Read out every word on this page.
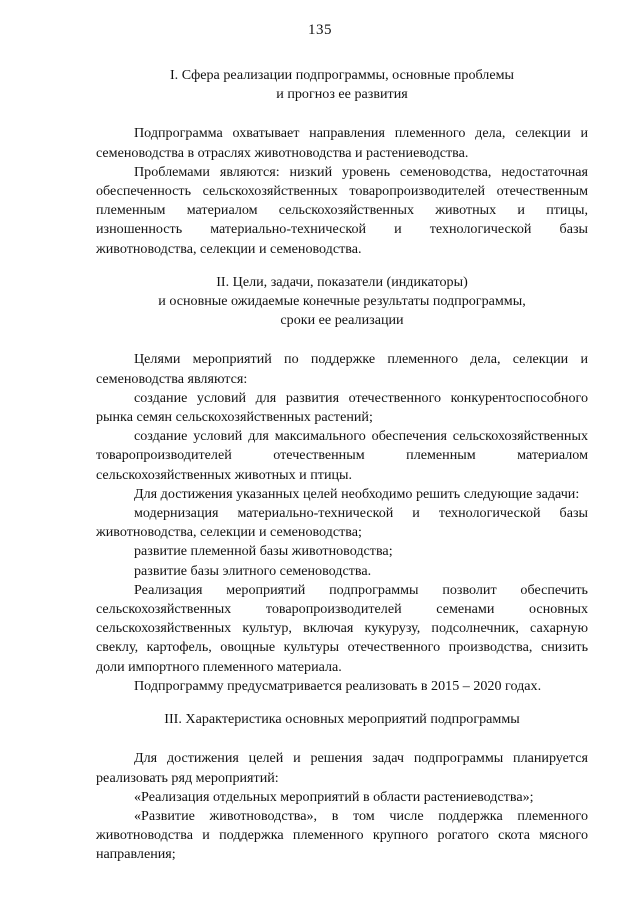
135
I. Сфера реализации подпрограммы, основные проблемы
и прогноз ее развития

Подпрограмма охватывает направления племенного дела, селекции и семеноводства в отраслях животноводства и растениеводства.

Проблемами являются: низкий уровень семеноводства, недостаточная обеспеченность сельскохозяйственных товаропроизводителей отечественным племенным материалом сельскохозяйственных животных и птицы, изношенность материально-технической и технологической базы животноводства, селекции и семеноводства.

II. Цели, задачи, показатели (индикаторы)
и основные ожидаемые конечные результаты подпрограммы,
сроки ее реализации

Целями мероприятий по поддержке племенного дела, селекции и семеноводства являются:

создание условий для развития отечественного конкурентоспособного рынка семян сельскохозяйственных растений;

создание условий для максимального обеспечения сельскохозяйственных товаропроизводителей отечественным племенным материалом сельскохозяйственных животных и птицы.

Для достижения указанных целей необходимо решить следующие задачи:

модернизация материально-технической и технологической базы животноводства, селекции и семеноводства;

развитие племенной базы животноводства;

развитие базы элитного семеноводства.

Реализация мероприятий подпрограммы позволит обеспечить сельскохозяйственных товаропроизводителей семенами основных сельскохозяйственных культур, включая кукурузу, подсолнечник, сахарную свеклу, картофель, овощные культуры отечественного производства, снизить доли импортного племенного материала.

Подпрограмму предусматривается реализовать в 2015 – 2020 годах.

III. Характеристика основных мероприятий подпрограммы

Для достижения целей и решения задач подпрограммы планируется реализовать ряд мероприятий:

«Реализация отдельных мероприятий в области растениеводства»;

«Развитие животноводства», в том числе поддержка племенного животноводства и поддержка племенного крупного рогатого скота мясного направления;
